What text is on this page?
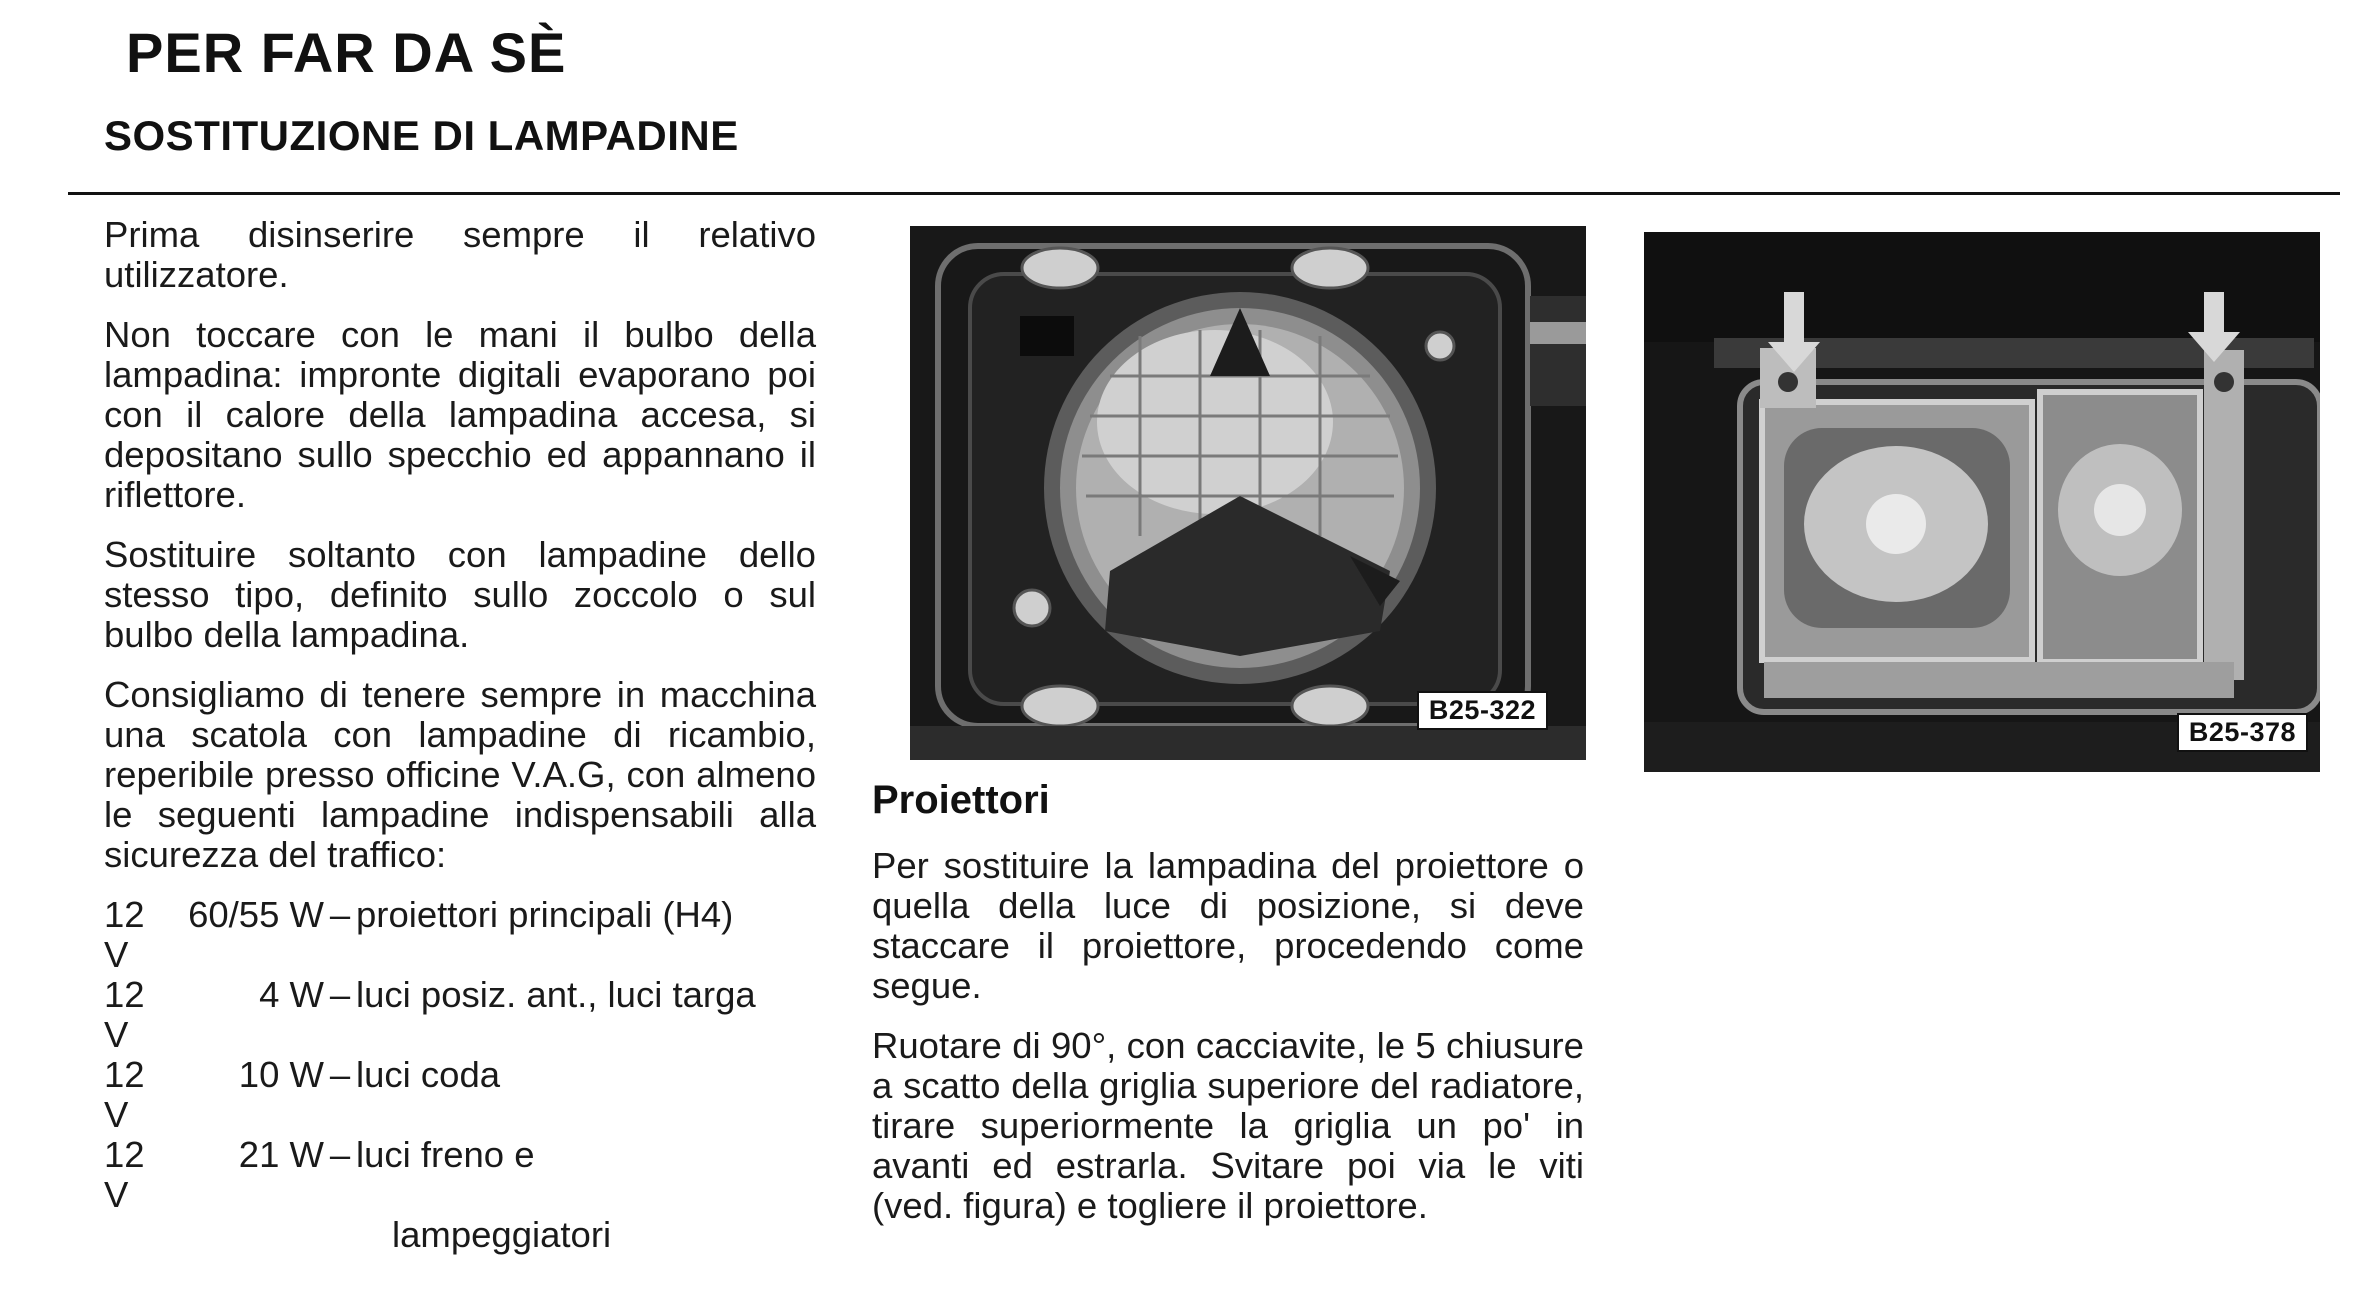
PER FAR DA SÈ
SOSTITUZIONE DI LAMPADINE

Prima disinserire sempre il relativo utilizzatore.

Non toccare con le mani il bulbo della lampadina: impronte digitali evaporano poi con il calore della lampadina accesa, si depositano sullo specchio ed appannano il riflettore.

Sostituire soltanto con lampadine dello stesso tipo, definito sullo zoccolo o sul bulbo della lampadina.

Consigliamo di tenere sempre in macchina una scatola con lampadine di ricambio, reperibile presso officine V.A.G, con almeno le seguenti lampadine indispensabili alla sicurezza del traffico:

12 V
60/55 W – proiettori principali (H4)
12 V
4 W – luci posiz. ant., luci targa
12 V
10 W – luci coda
12 V
21 W – luci freno e
lampeggiatori
B25-322
B25-378
Proiettori

Per sostituire la lampadina del proiettore o quella della luce di posizione, si deve staccare il proiettore, procedendo come segue.

Ruotare di 90°, con cacciavite, le 5 chiusure a scatto della griglia superiore del radiatore, tirare superiormente la griglia un po' in avanti ed estrarla. Svitare poi via le viti (ved. figura) e togliere il proiettore.
